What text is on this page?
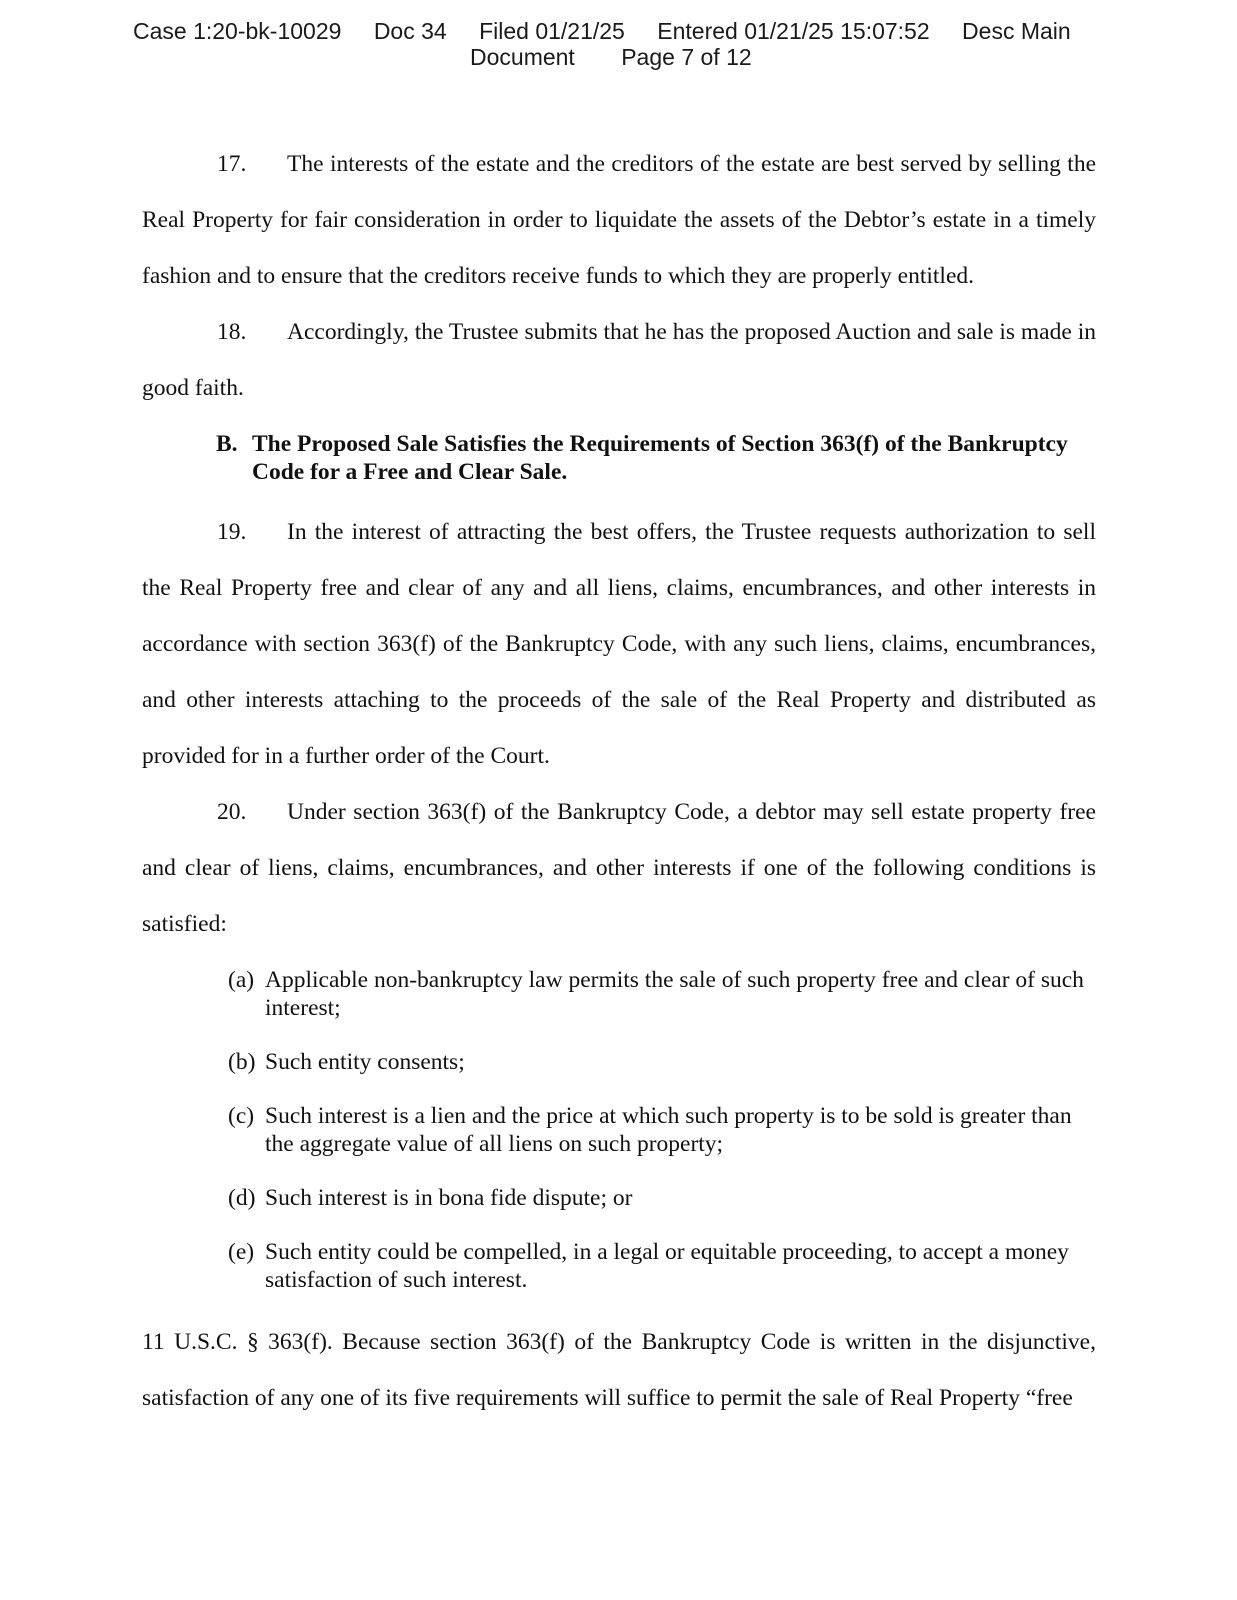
Case 1:20-bk-10029 Doc 34 Filed 01/21/25 Entered 01/21/25 15:07:52 Desc Main
Document Page 7 of 12

17. The interests of the estate and the creditors of the estate are best served by selling the Real Property for fair consideration in order to liquidate the assets of the Debtor’s estate in a timely fashion and to ensure that the creditors receive funds to which they are properly entitled.

18. Accordingly, the Trustee submits that he has the proposed Auction and sale is made in good faith.

B. The Proposed Sale Satisfies the Requirements of Section 363(f) of the Bankruptcy Code for a Free and Clear Sale.

19. In the interest of attracting the best offers, the Trustee requests authorization to sell the Real Property free and clear of any and all liens, claims, encumbrances, and other interests in accordance with section 363(f) of the Bankruptcy Code, with any such liens, claims, encumbrances, and other interests attaching to the proceeds of the sale of the Real Property and distributed as provided for in a further order of the Court.

20. Under section 363(f) of the Bankruptcy Code, a debtor may sell estate property free and clear of liens, claims, encumbrances, and other interests if one of the following conditions is satisfied:

(a) Applicable non-bankruptcy law permits the sale of such property free and clear of such interest;
(b) Such entity consents;
(c) Such interest is a lien and the price at which such property is to be sold is greater than the aggregate value of all liens on such property;
(d) Such interest is in bona fide dispute; or
(e) Such entity could be compelled, in a legal or equitable proceeding, to accept a money satisfaction of such interest.

11 U.S.C. § 363(f). Because section 363(f) of the Bankruptcy Code is written in the disjunctive, satisfaction of any one of its five requirements will suffice to permit the sale of Real Property “free
